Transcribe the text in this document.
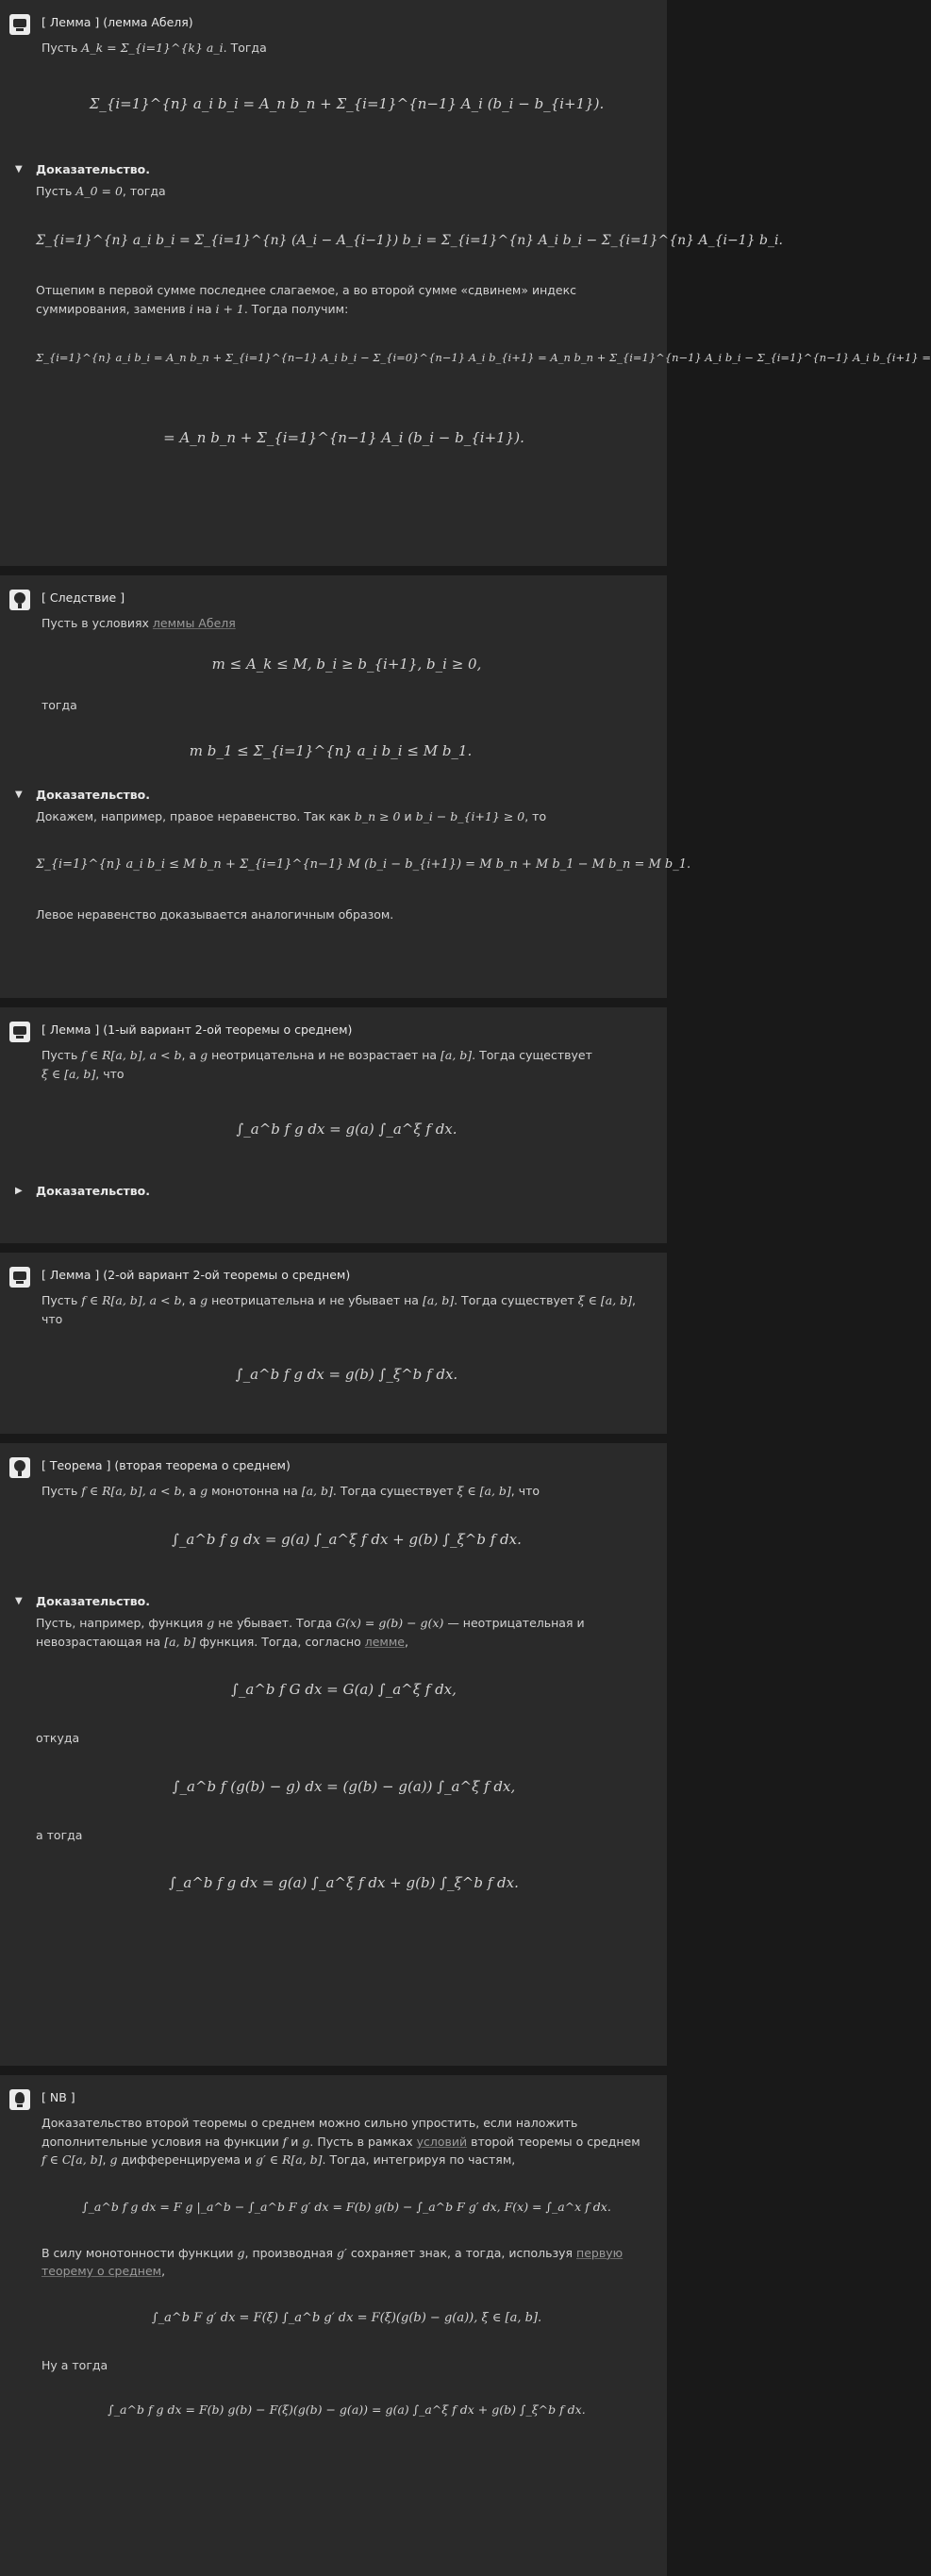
[ Лемма ] (лемма Абеля)

Пусть A_k = Σ_{i=1}^{k} a_i. Тогда

Σ_{i=1}^{n} a_i b_i = A_n b_n + Σ_{i=1}^{n−1} A_i (b_i − b_{i+1}).
▼	Доказательство.

Пусть A_0 = 0, тогда

Σ_{i=1}^{n} a_i b_i = Σ_{i=1}^{n} (A_i − A_{i−1}) b_i = Σ_{i=1}^{n} A_i b_i − Σ_{i=1}^{n} A_{i−1} b_i.

Отщепим в первой сумме последнее слагаемое, а во второй сумме «сдвинем» индекс суммирования, заменив i на i + 1. Тогда получим:

Σ_{i=1}^{n} a_i b_i = A_n b_n + Σ_{i=1}^{n−1} A_i b_i − Σ_{i=0}^{n−1} A_i b_{i+1} = A_n b_n + Σ_{i=1}^{n−1} A_i b_i − Σ_{i=1}^{n−1} A_i b_{i+1} =
= A_n b_n + Σ_{i=1}^{n−1} A_i (b_i − b_{i+1}).
[ Следствие ]

Пусть в условиях леммы Абеля

m ≤ A_k ≤ M, b_i ≥ b_{i+1}, b_i ≥ 0,

тогда

m b_1 ≤ Σ_{i=1}^{n} a_i b_i ≤ M b_1.
▼	Доказательство.

Докажем, например, правое неравенство. Так как b_n ≥ 0 и b_i − b_{i+1} ≥ 0, то

Σ_{i=1}^{n} a_i b_i ≤ M b_n + Σ_{i=1}^{n−1} M (b_i − b_{i+1}) = M b_n + M b_1 − M b_n = M b_1.

Левое неравенство доказывается аналогичным образом.

[ Лемма ] (1-ый вариант 2-ой теоремы о среднем)

Пусть f ∈ R[a, b], a < b, а g неотрицательна и не возрастает на [a, b]. Тогда существует ξ ∈ [a, b], что

∫_a^b f g dx = g(a) ∫_a^ξ f dx.
▶	Доказательство.
[ Лемма ] (2-ой вариант 2-ой теоремы о среднем)

Пусть f ∈ R[a, b], a < b, а g неотрицательна и не убывает на [a, b]. Тогда существует ξ ∈ [a, b], что

∫_a^b f g dx = g(b) ∫_ξ^b f dx.
[ Теорема ] (вторая теорема о среднем)

Пусть f ∈ R[a, b], a < b, а g монотонна на [a, b]. Тогда существует ξ ∈ [a, b], что

∫_a^b f g dx = g(a) ∫_a^ξ f dx + g(b) ∫_ξ^b f dx.
▼	Доказательство.

Пусть, например, функция g не убывает. Тогда G(x) = g(b) − g(x) — неотрицательная и невозрастающая на [a, b] функция. Тогда, согласно лемме,

∫_a^b f G dx = G(a) ∫_a^ξ f dx,

откуда

∫_a^b f (g(b) − g) dx = (g(b) − g(a)) ∫_a^ξ f dx,

а тогда

∫_a^b f g dx = g(a) ∫_a^ξ f dx + g(b) ∫_ξ^b f dx.
[ NB ]

Доказательство второй теоремы о среднем можно сильно упростить, если наложить дополнительные условия на функции f и g. Пусть в рамках условий второй теоремы о среднем f ∈ C[a, b], g дифференцируема и g′ ∈ R[a, b]. Тогда, интегрируя по частям,

∫_a^b f g dx = F g |_a^b − ∫_a^b F g′ dx = F(b) g(b) − ∫_a^b F g′ dx, F(x) = ∫_a^x f dx.

В силу монотонности функции g, производная g′ сохраняет знак, а тогда, используя первую теорему о среднем,

∫_a^b F g′ dx = F(ξ) ∫_a^b g′ dx = F(ξ)(g(b) − g(a)), ξ ∈ [a, b].

Ну а тогда

∫_a^b f g dx = F(b) g(b) − F(ξ)(g(b) − g(a)) = g(a) ∫_a^ξ f dx + g(b) ∫_ξ^b f dx.
